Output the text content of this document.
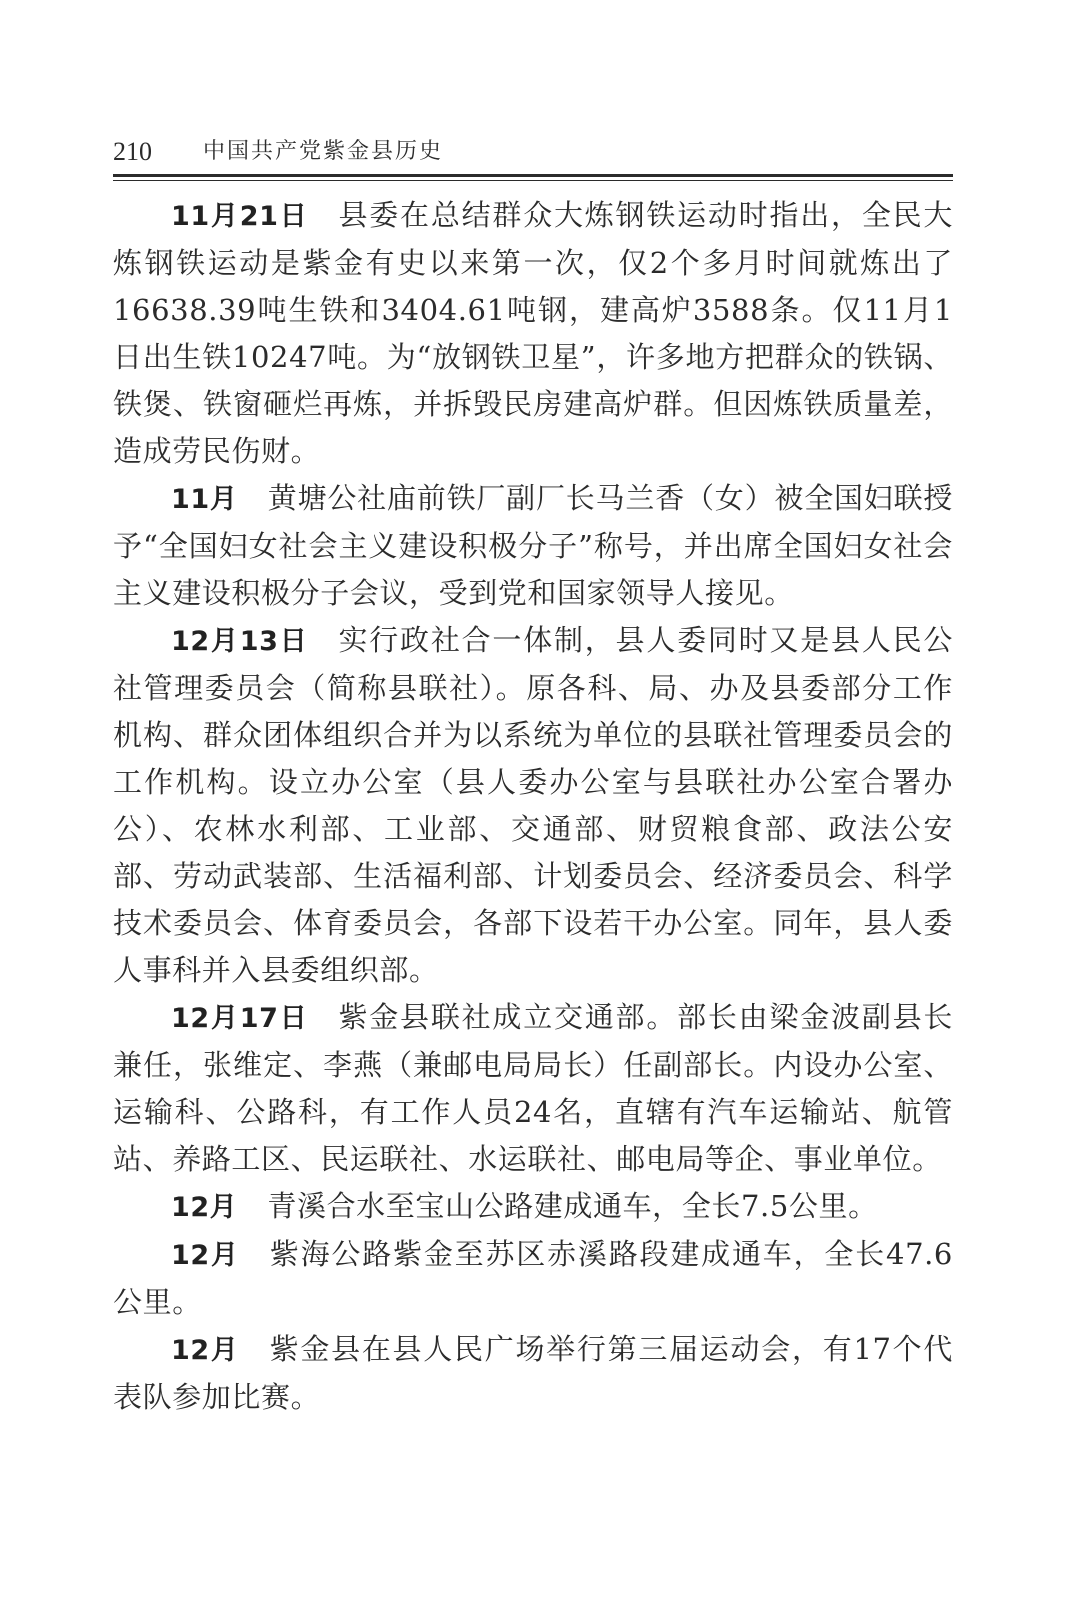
210 中国共产党紫金县历史

11月21日 县委在总结群众大炼钢铁运动时指出，全民大炼钢铁运动是紫金有史以来第一次，仅2个多月时间就炼出了16638.39吨生铁和3404.61吨钢，建高炉3588条。仅11月1日出生铁10247吨。为“放钢铁卫星”，许多地方把群众的铁锅、铁煲、铁窗砸烂再炼，并拆毁民房建高炉群。但因炼铁质量差，造成劳民伤财。

11月 黄塘公社庙前铁厂副厂长马兰香（女）被全国妇联授予“全国妇女社会主义建设积极分子”称号，并出席全国妇女社会主义建设积极分子会议，受到党和国家领导人接见。

12月13日 实行政社合一体制，县人委同时又是县人民公社管理委员会（简称县联社）。原各科、局、办及县委部分工作机构、群众团体组织合并为以系统为单位的县联社管理委员会的工作机构。设立办公室（县人委办公室与县联社办公室合署办公）、农林水利部、工业部、交通部、财贸粮食部、政法公安部、劳动武装部、生活福利部、计划委员会、经济委员会、科学技术委员会、体育委员会，各部下设若干办公室。同年，县人委人事科并入县委组织部。

12月17日 紫金县联社成立交通部。部长由梁金波副县长兼任，张维定、李燕（兼邮电局局长）任副部长。内设办公室、运输科、公路科，有工作人员24名，直辖有汽车运输站、航管站、养路工区、民运联社、水运联社、邮电局等企、事业单位。

12月 青溪合水至宝山公路建成通车，全长7.5公里。

12月 紫海公路紫金至苏区赤溪路段建成通车，全长47.6公里。

12月 紫金县在县人民广场举行第三届运动会，有17个代表队参加比赛。
